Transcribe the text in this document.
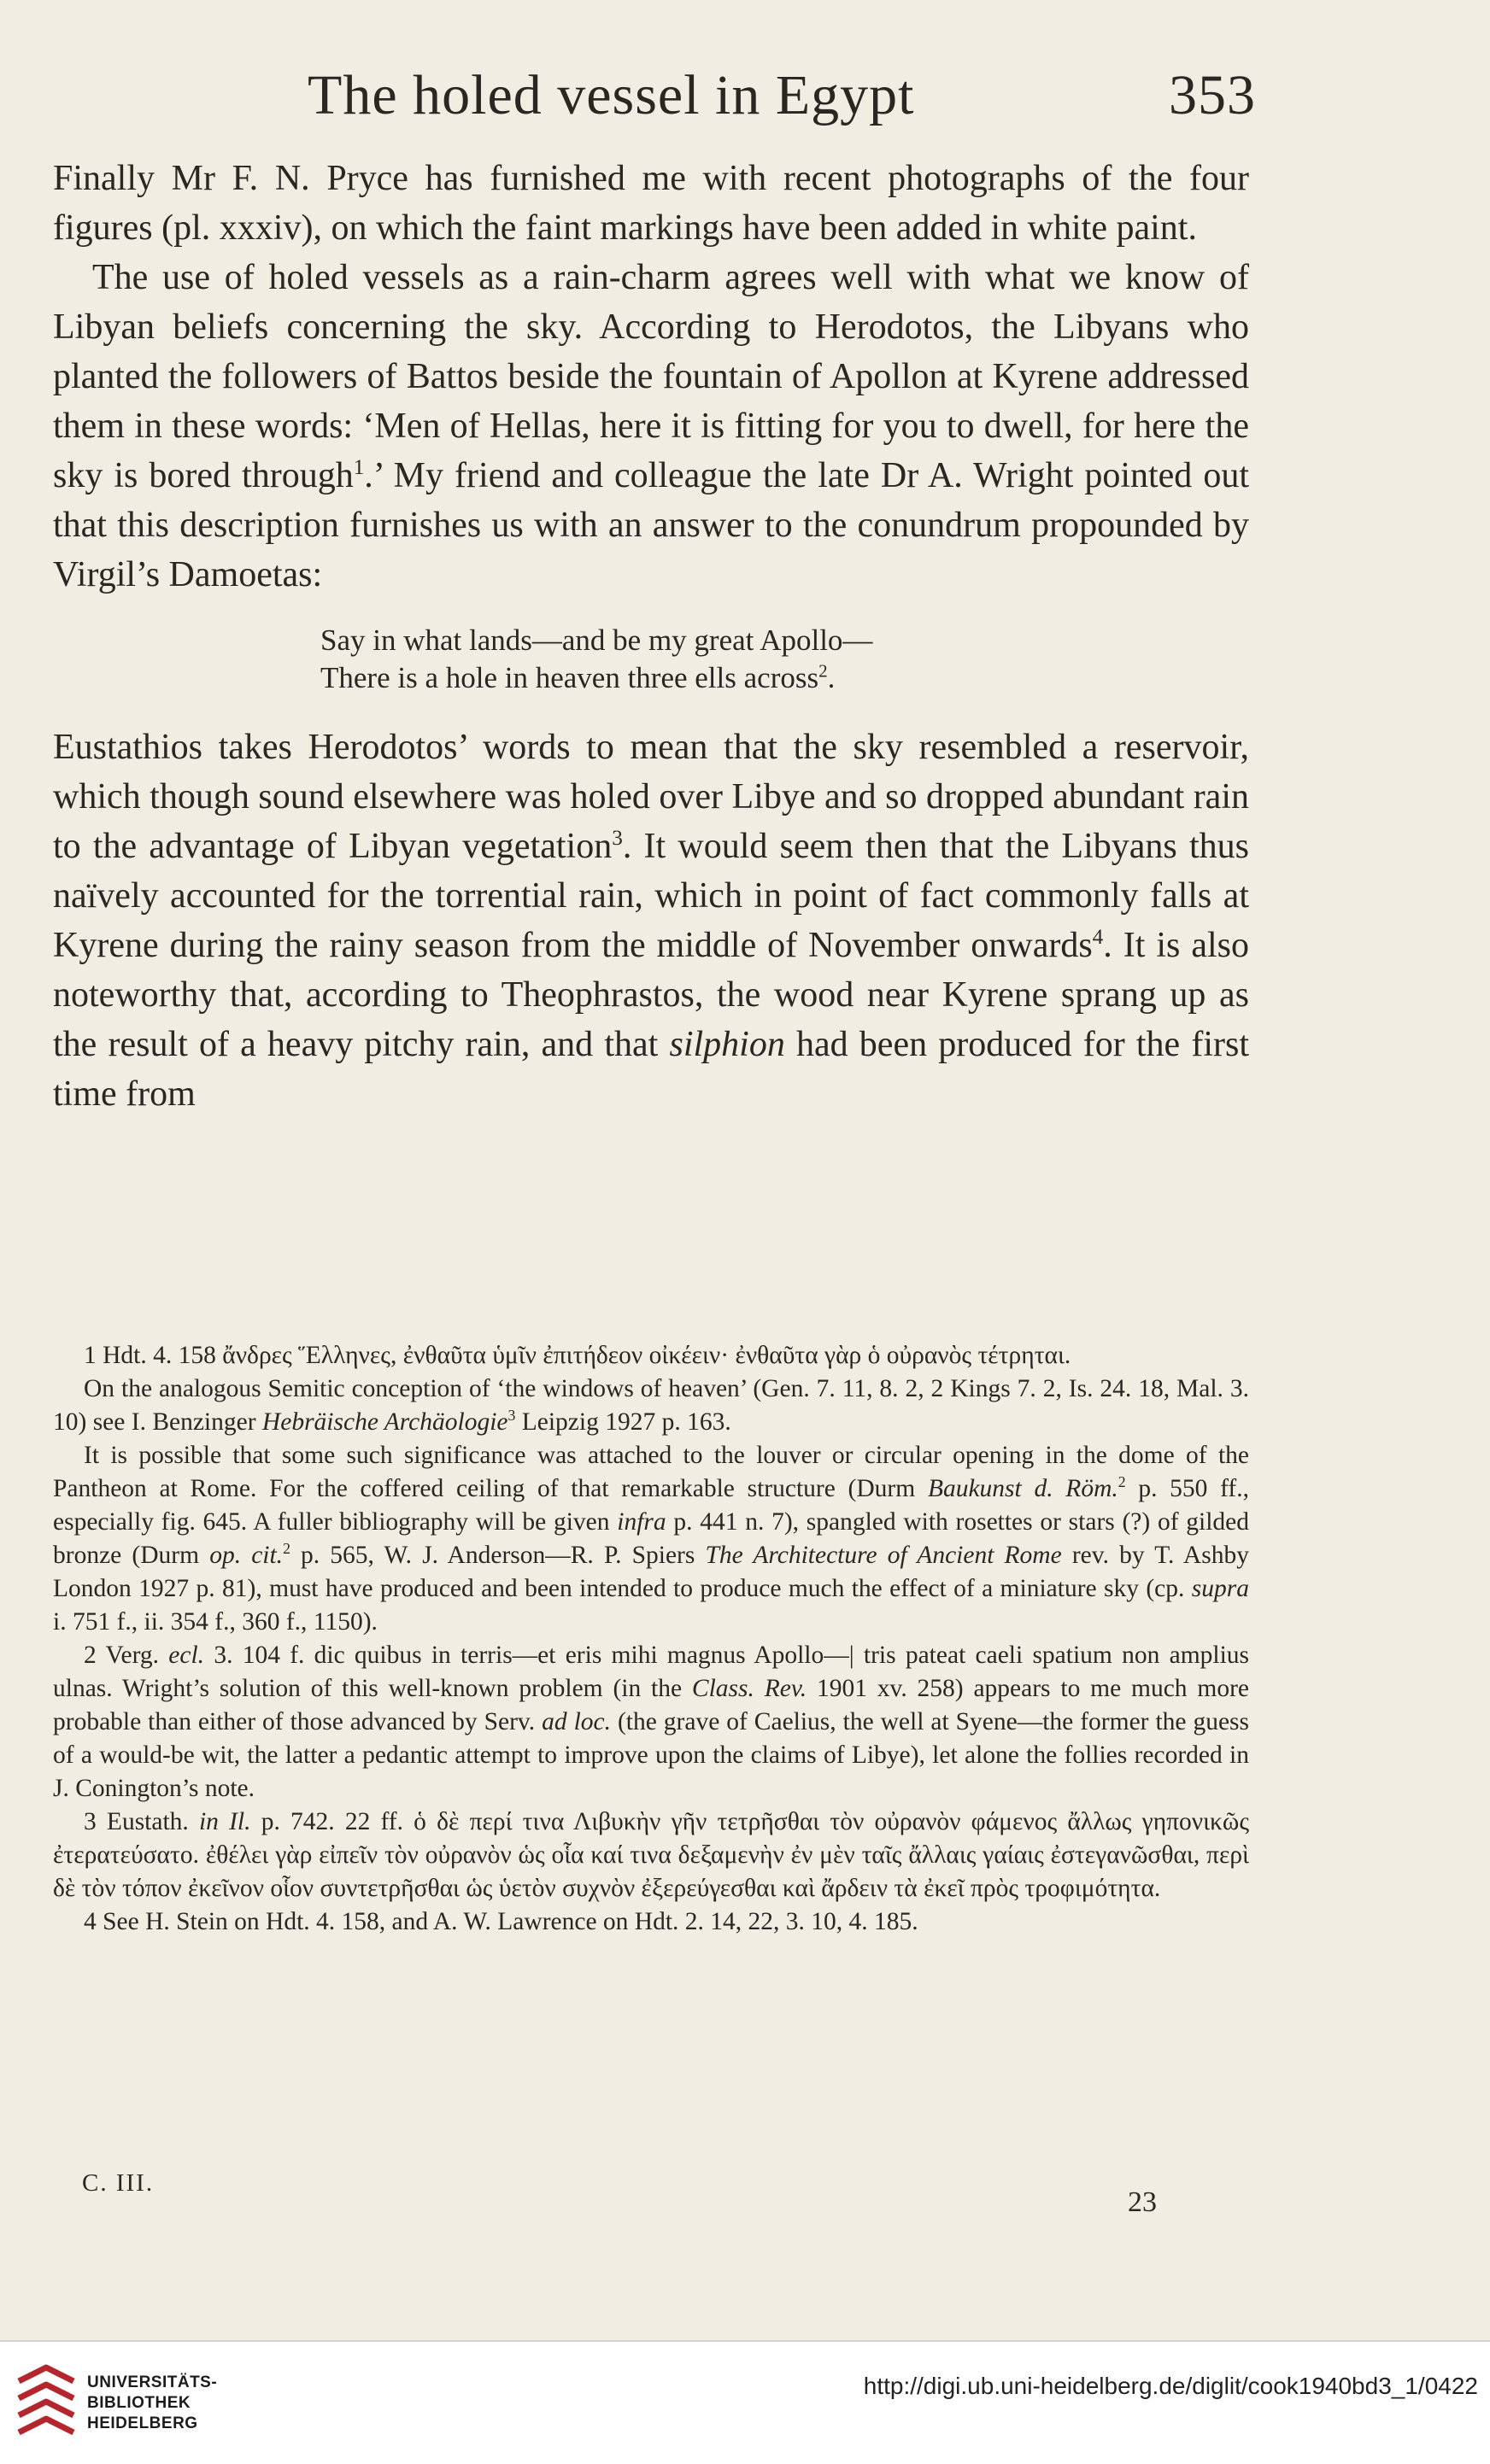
The holed vessel in Egypt	353

Finally Mr F. N. Pryce has furnished me with recent photographs of the four figures (pl. xxxiv), on which the faint markings have been added in white paint.

The use of holed vessels as a rain-charm agrees well with what we know of Libyan beliefs concerning the sky. According to Herodotos, the Libyans who planted the followers of Battos beside the fountain of Apollon at Kyrene addressed them in these words: ‘Men of Hellas, here it is fitting for you to dwell, for here the sky is bored through$^1$.’ My friend and colleague the late Dr A. Wright pointed out that this description furnishes us with an answer to the conundrum propounded by Virgil’s Damoetas:

Say in what lands—and be my great Apollo—
There is a hole in heaven three ells across$^2$.

Eustathios takes Herodotos’ words to mean that the sky resembled a reservoir, which though sound elsewhere was holed over Libye and so dropped abundant rain to the advantage of Libyan vegetation$^3$. It would seem then that the Libyans thus naïvely accounted for the torrential rain, which in point of fact commonly falls at Kyrene during the rainy season from the middle of November onwards$^4$. It is also noteworthy that, according to Theophrastos, the wood near Kyrene sprang up as the result of a heavy pitchy rain, and that silphion had been produced for the first time from

1 Hdt. 4. 158 ἄνδρες Ἕλληνες, ἐνθαῦτα ὑμῖν ἐπιτήδεον οἰκέειν· ἐνθαῦτα γὰρ ὁ οὐρανὸς τέτρηται.

On the analogous Semitic conception of ‘the windows of heaven’ (Gen. 7. 11, 8. 2, 2 Kings 7. 2, Is. 24. 18, Mal. 3. 10) see I. Benzinger Hebräische Archäologie$^3$ Leipzig 1927 p. 163.

It is possible that some such significance was attached to the louver or circular opening in the dome of the Pantheon at Rome. For the coffered ceiling of that remarkable structure (Durm Baukunst d. Röm.$^2$ p. 550 ff., especially fig. 645. A fuller bibliography will be given infra p. 441 n. 7), spangled with rosettes or stars (?) of gilded bronze (Durm op. cit.$^2$ p. 565, W. J. Anderson—R. P. Spiers The Architecture of Ancient Rome rev. by T. Ashby London 1927 p. 81), must have produced and been intended to produce much the effect of a miniature sky (cp. supra i. 751 f., ii. 354 f., 360 f., 1150).

2 Verg. ecl. 3. 104 f. dic quibus in terris—et eris mihi magnus Apollo—| tris pateat caeli spatium non amplius ulnas. Wright’s solution of this well-known problem (in the Class. Rev. 1901 xv. 258) appears to me much more probable than either of those advanced by Serv. ad loc. (the grave of Caelius, the well at Syene—the former the guess of a would-be wit, the latter a pedantic attempt to improve upon the claims of Libye), let alone the follies recorded in J. Conington’s note.

3 Eustath. in Il. p. 742. 22 ff. ὁ δὲ περί τινα Λιβυκὴν γῆν τετρῆσθαι τὸν οὐρανὸν φάμενος ἄλλως γηπονικῶς ἐτερατεύσατο. ἐθέλει γὰρ εἰπεῖν τὸν οὐρανὸν ὡς οἷα καί τινα δεξαμενὴν ἐν μὲν ταῖς ἄλλαις γαίαις ἐστεγανῶσθαι, περὶ δὲ τὸν τόπον ἐκεῖνον οἷον συντετρῆσθαι ὡς ὑετὸν συχνὸν ἐξερεύγεσθαι καὶ ἄρδειν τὰ ἐκεῖ πρὸς τροφιμότητα.

4 See H. Stein on Hdt. 4. 158, and A. W. Lawrence on Hdt. 2. 14, 22, 3. 10, 4. 185.

C. III.
23
UNIVERSITÄTS-
BIBLIOTHEK
HEIDELBERG
http://digi.ub.uni-heidelberg.de/diglit/cook1940bd3_1/0422
